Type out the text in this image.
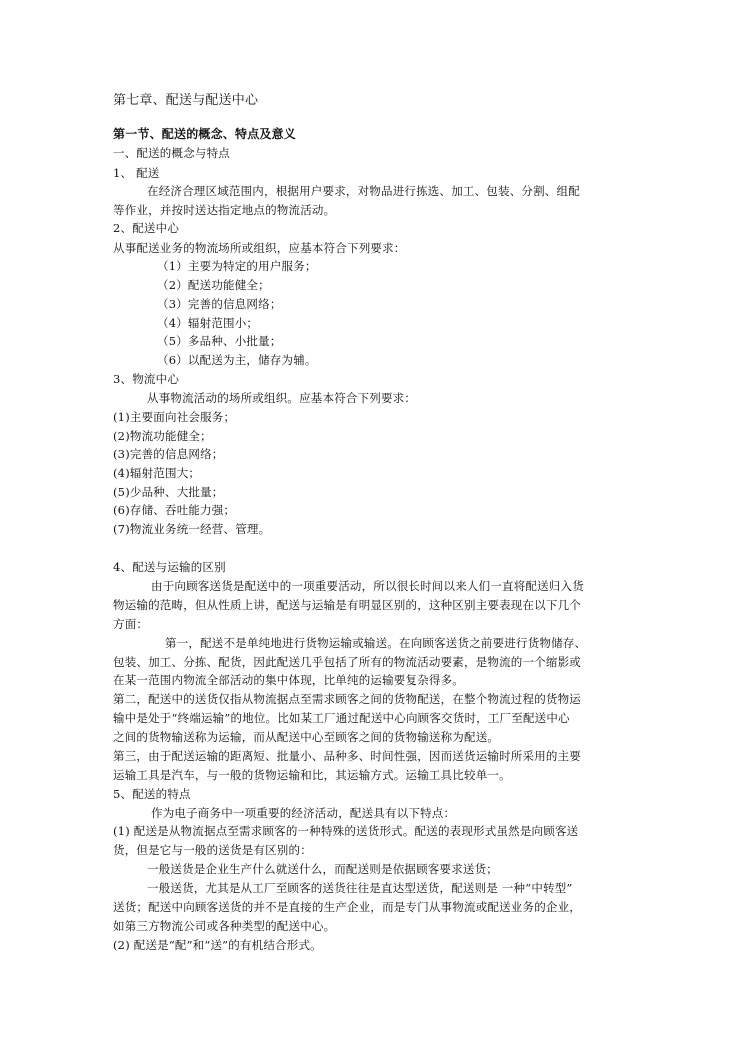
第七章、配送与配送中心
第一节、配送的概念、特点及意义
一、配送的概念与特点
1、 配送
在经济合理区域范围内，根据用户要求，对物品进行拣选、加工、包装、分割、组配
等作业，并按时送达指定地点的物流活动。
2、配送中心
从事配送业务的物流场所或组织，应基本符合下列要求：
（1）主要为特定的用户服务；
（2）配送功能健全；
（3）完善的信息网络；
（4）辐射范围小；
（5）多品种、小批量；
（6）以配送为主，储存为辅。
3、物流中心
从事物流活动的场所或组织。应基本符合下列要求：
(1)主要面向社会服务；
(2)物流功能健全；
(3)完善的信息网络；
(4)辐射范围大；
(5)少品种、大批量；
(6)存储、吞吐能力强；
(7)物流业务统一经营、管理。
4、配送与运输的区别
由于向顾客送货是配送中的一项重要活动，所以很长时间以来人们一直将配送归入货
物运输的范畴，但从性质上讲，配送与运输是有明显区别的，这种区别主要表现在以下几个
方面：
第一，配送不是单纯地进行货物运输或输送。在向顾客送货之前要进行货物储存、
包装、加工、分拣、配货，因此配送几乎包括了所有的物流活动要素，是物流的一个缩影或
在某一范围内物流全部活动的集中体现，比单纯的运输要复杂得多。
第二，配送中的送货仅指从物流据点至需求顾客之间的货物配送，在整个物流过程的货物运
输中是处于“终端运输”的地位。比如某工厂通过配送中心向顾客交货时，工厂至配送中心
之间的货物输送称为运输，而从配送中心至顾客之间的货物输送称为配送。
第三，由于配送运输的距离短、批量小、品种多、时间性强，因而送货运输时所采用的主要
运输工具是汽车，与一般的货物运输和比，其运输方式。运输工具比较单一。
5、配送的特点
作为电子商务中一项重要的经济活动，配送具有以下特点：
(1) 配送是从物流据点至需求顾客的一种特殊的送货形式。配送的表现形式虽然是向顾客送
货，但是它与一般的送货是有区别的：
一般送货是企业生产什么就送什么，而配送则是依据顾客要求送货；
一般送货，尤其是从工厂至顾客的送货往往是直达型送货，配送则是 一种“中转型”
送货；配送中向顾客送货的并不是直接的生产企业，而是专门从事物流或配送业务的企业，
如第三方物流公司或各种类型的配送中心。
(2) 配送是“配”和“送”的有机结合形式。
